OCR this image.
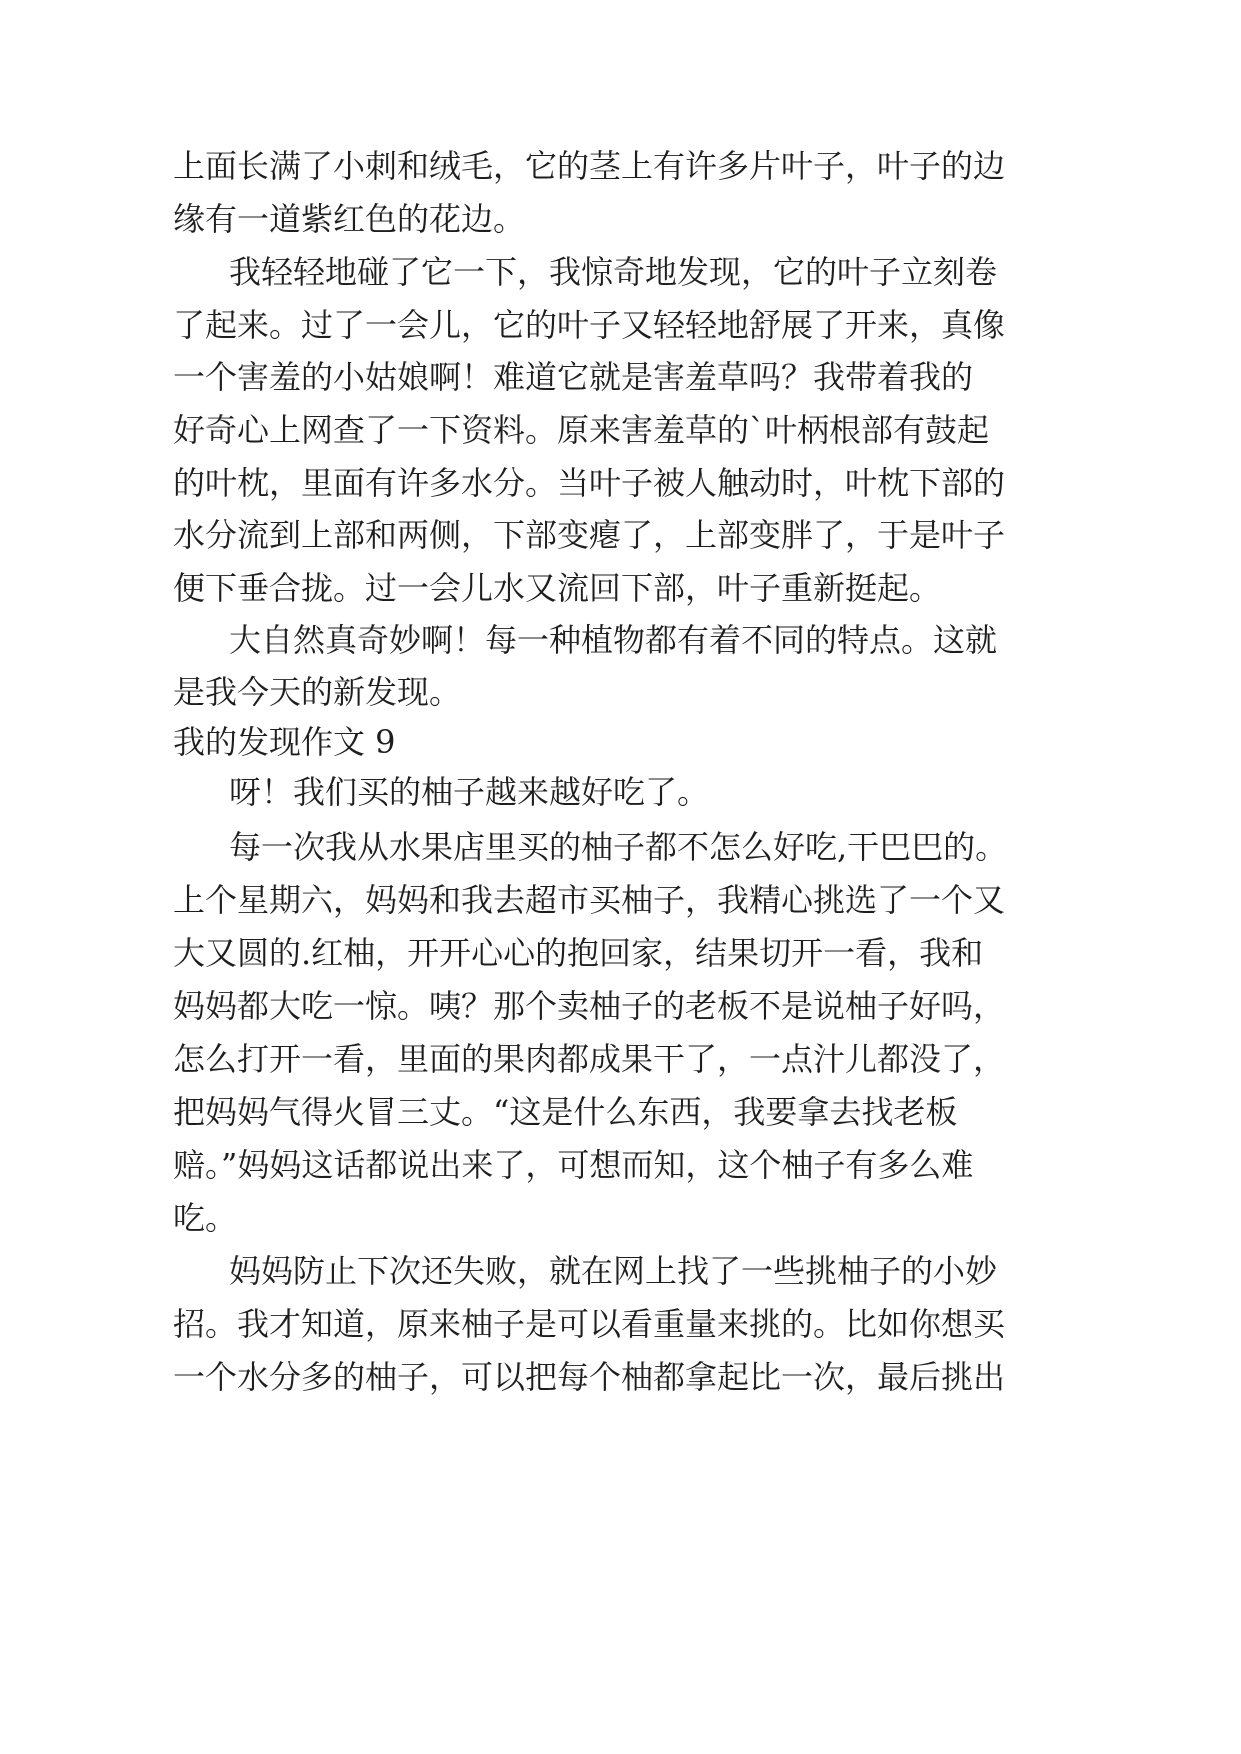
上面长满了小刺和绒毛，它的茎上有许多片叶子，叶子的边
缘有一道紫红色的花边。
我轻轻地碰了它一下，我惊奇地发现，它的叶子立刻卷
了起来。过了一会儿，它的叶子又轻轻地舒展了开来，真像
一个害羞的小姑娘啊！难道它就是害羞草吗？我带着我的
好奇心上网查了一下资料。原来害羞草的`叶柄根部有鼓起
的叶枕，里面有许多水分。当叶子被人触动时，叶枕下部的
水分流到上部和两侧，下部变瘪了，上部变胖了，于是叶子
便下垂合拢。过一会儿水又流回下部，叶子重新挺起。
大自然真奇妙啊！每一种植物都有着不同的特点。这就
是我今天的新发现。
我的发现作文 9
呀！我们买的柚子越来越好吃了。
每一次我从水果店里买的柚子都不怎么好吃,干巴巴的。
上个星期六，妈妈和我去超市买柚子，我精心挑选了一个又
大又圆的.红柚，开开心心的抱回家，结果切开一看，我和
妈妈都大吃一惊。咦？那个卖柚子的老板不是说柚子好吗，
怎么打开一看，里面的果肉都成果干了，一点汁儿都没了，
把妈妈气得火冒三丈。“这是什么东西，我要拿去找老板
赔。”妈妈这话都说出来了，可想而知，这个柚子有多么难
吃。
妈妈防止下次还失败，就在网上找了一些挑柚子的小妙
招。我才知道，原来柚子是可以看重量来挑的。比如你想买
一个水分多的柚子，可以把每个柚都拿起比一次，最后挑出
